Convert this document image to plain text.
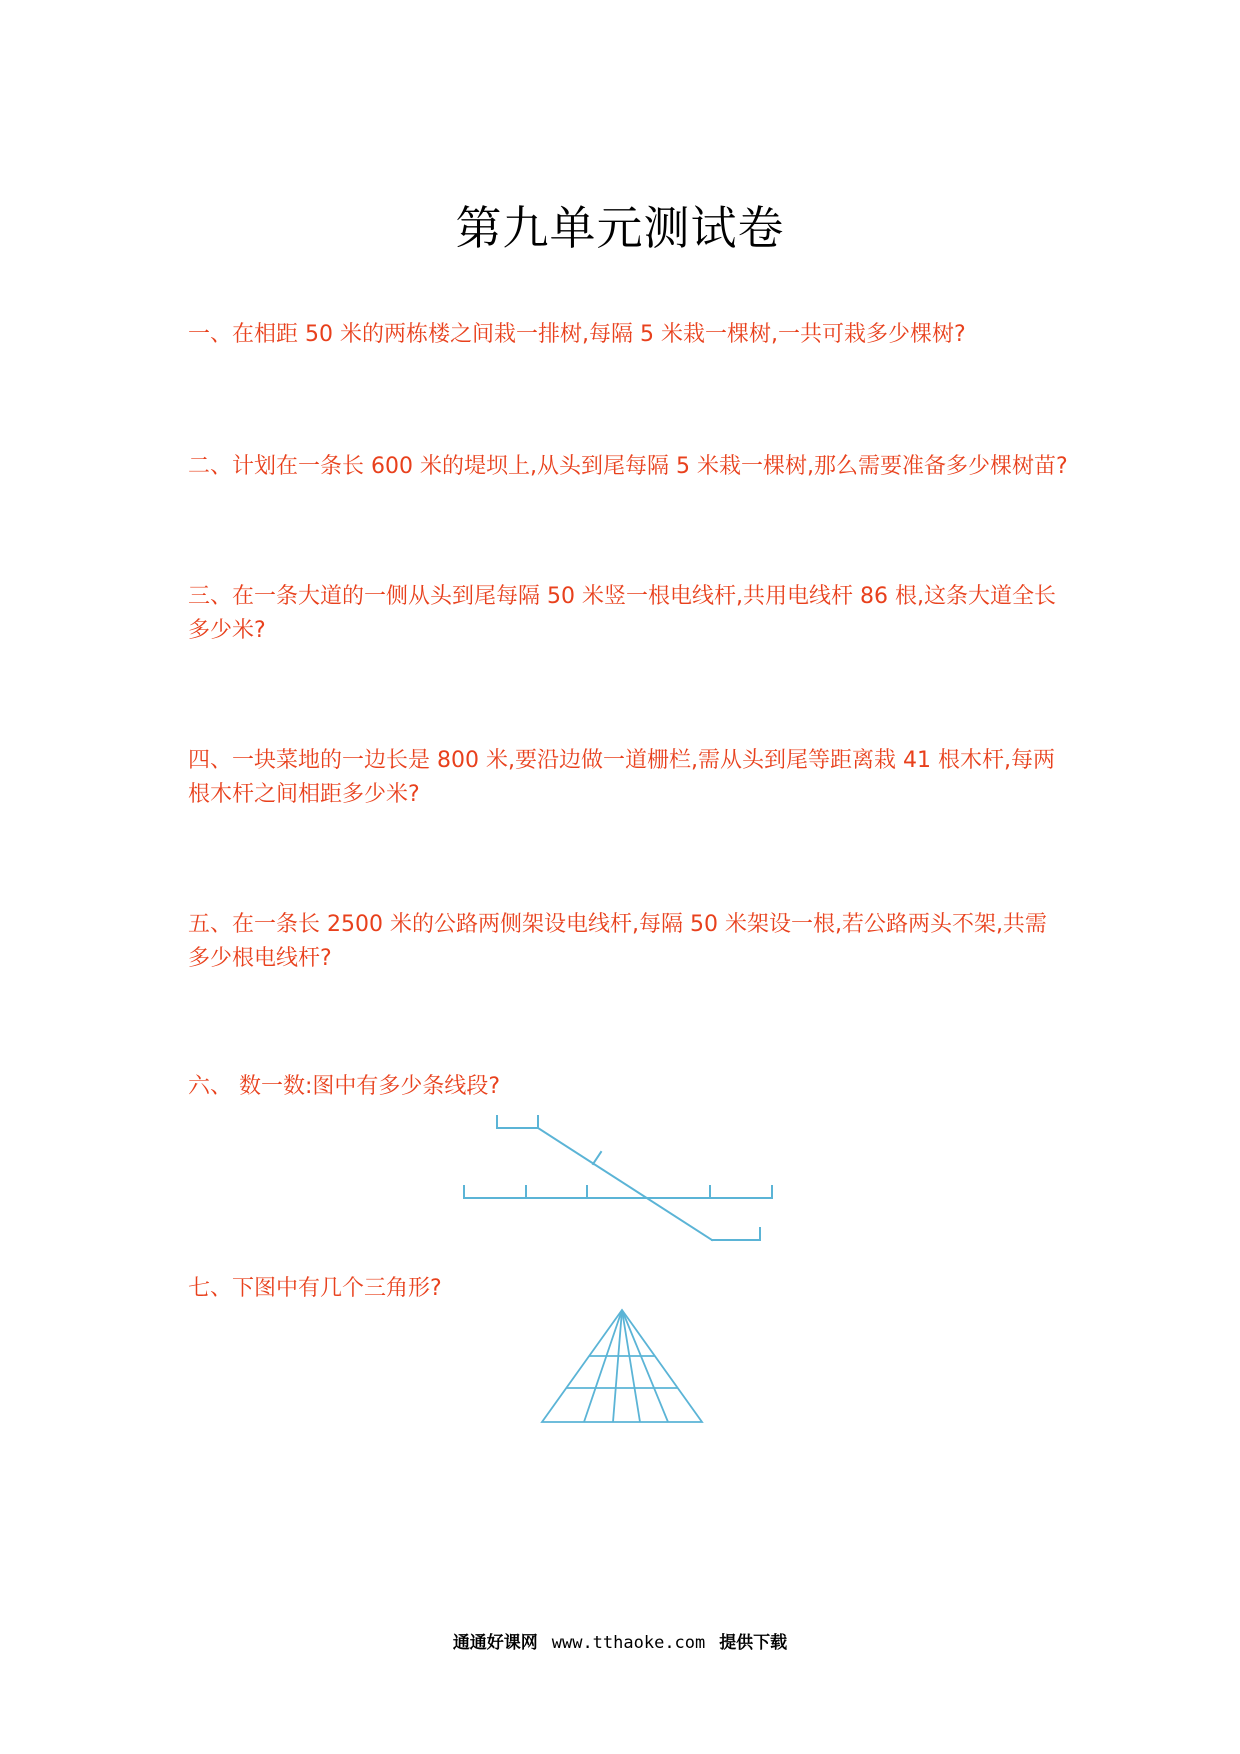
第九单元测试卷
一、在相距 50 米的两栋楼之间栽一排树,每隔 5 米栽一棵树,一共可栽多少棵树?
二、计划在一条长 600 米的堤坝上,从头到尾每隔 5 米栽一棵树,那么需要准备多少棵树苗?
三、在一条大道的一侧从头到尾每隔 50 米竖一根电线杆,共用电线杆 86 根,这条大道全长多少米?
四、一块菜地的一边长是 800 米,要沿边做一道栅栏,需从头到尾等距离栽 41 根木杆,每两根木杆之间相距多少米?
五、在一条长 2500 米的公路两侧架设电线杆,每隔 50 米架设一根,若公路两头不架,共需多少根电线杆?
六、 数一数:图中有多少条线段?
七、下图中有几个三角形?
通通好课网 www.tthaoke.com 提供下载
